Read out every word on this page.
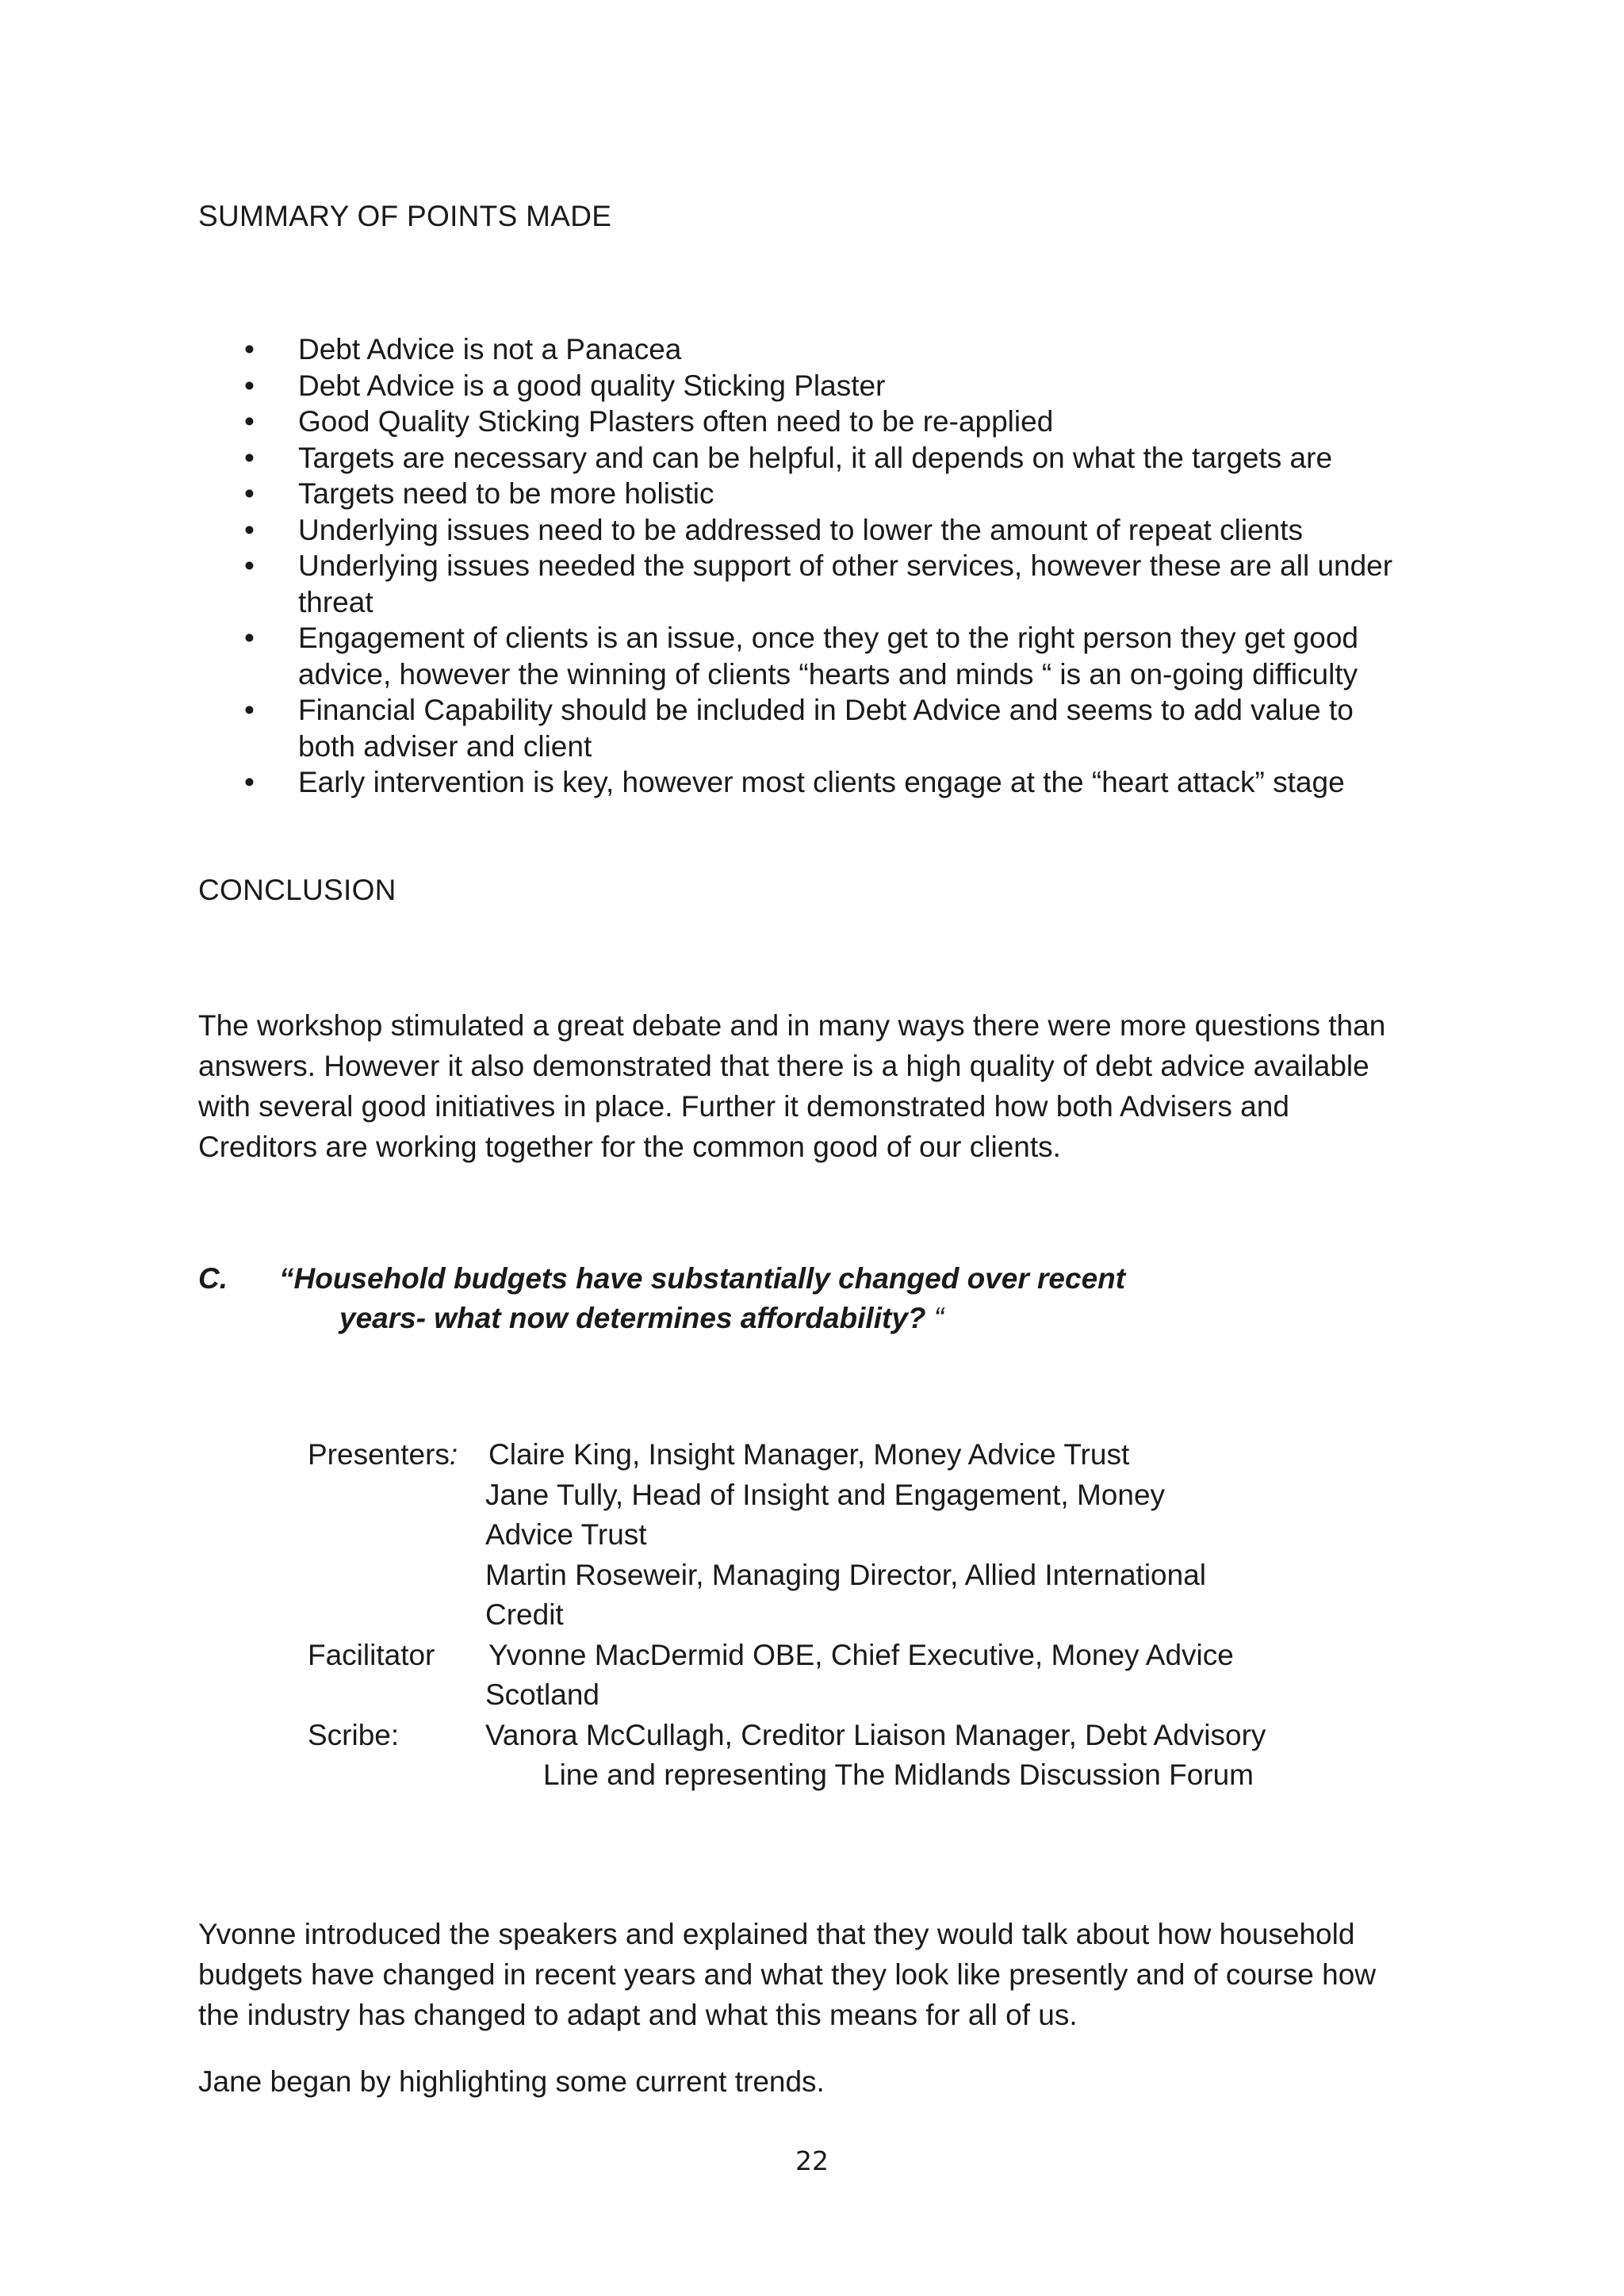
SUMMARY OF POINTS MADE
• Debt Advice is not a Panacea
• Debt Advice is a good quality Sticking Plaster
• Good Quality Sticking Plasters often need to be re-applied
• Targets are necessary and can be helpful, it all depends on what the targets are
• Targets need to be more holistic
• Underlying issues need to be addressed to lower the amount of repeat clients
• Underlying issues needed the support of other services, however these are all under
threat
• Engagement of clients is an issue, once they get to the right person they get good
advice, however the winning of clients “hearts and minds “ is an on-going difficulty
• Financial Capability should be included in Debt Advice and seems to add value to
both adviser and client
• Early intervention is key, however most clients engage at the “heart attack” stage
CONCLUSION

The workshop stimulated a great debate and in many ways there were more questions than
answers. However it also demonstrated that there is a high quality of debt advice available
with several good initiatives in place. Further it demonstrated how both Advisers and
Creditors are working together for the common good of our clients.

C. “Household budgets have substantially changed over recent
years- what now determines affordability? “
Presenters: Claire King, Insight Manager, Money Advice Trust
Jane Tully, Head of Insight and Engagement, Money
Advice Trust
Martin Roseweir, Managing Director, Allied International
Credit
Facilitator Yvonne MacDermid OBE, Chief Executive, Money Advice
Scotland
Scribe:	Vanora McCullagh, Creditor Liaison Manager, Debt Advisory
Line and representing The Midlands Discussion Forum

Yvonne introduced the speakers and explained that they would talk about how household
budgets have changed in recent years and what they look like presently and of course how
the industry has changed to adapt and what this means for all of us.

Jane began by highlighting some current trends.

22
